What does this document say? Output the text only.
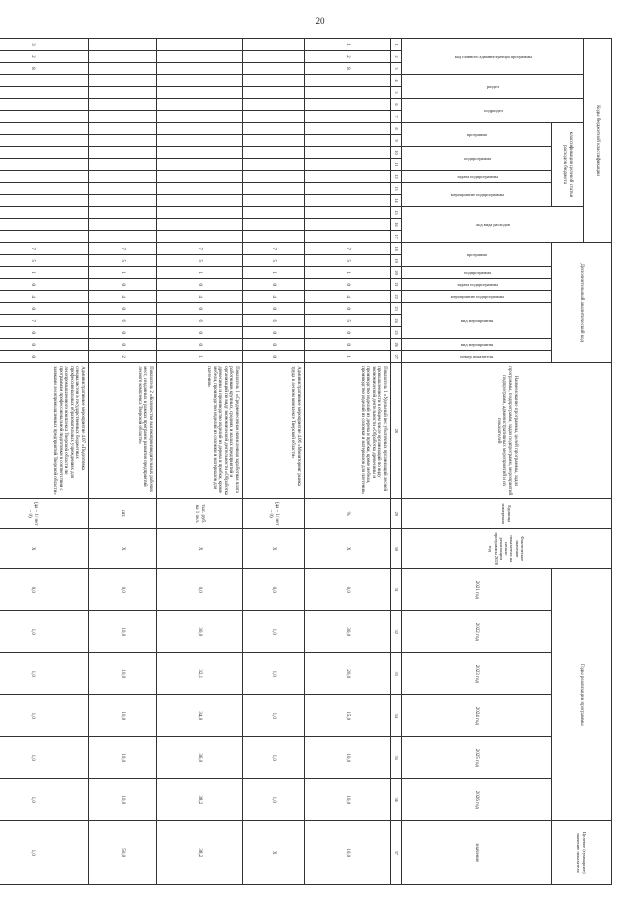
20
Коды бюджетной классификации																	Дополнительный аналитический код										Наименование программы, целей программы, задач программы, подпрограмм, задач подпрограмм, мероприятий подпрограмм, административных мероприятий и их показателей	Единица измерения	Фактическое значение показателя на начало реализации программы 2020 год	Годы реализации программы						Целевое (суммарное) значение показателя
код главного администратора программы			раздел		подраздел		классификация целевой статьи расходов бюджета							код вида расходов																						
							программа		подпрограмма		задача подпрограммы	мероприятие подпрограммы					программа		подпрограмма	задача подпрограммы	мероприятие подпрограммы	вид мероприятия			вид мероприятия	номер показателя				2021 год	2022 год	2023 год	2024 год	2025 год	2026 год	значение
1	2	3	4	5	6	7	8	9	10	11	12	13	14	15	16	17	18	19	20	21	22	23	24	25	26	27	28	29	30	31	32	33	34	35	36	37
1	2	8															7	5	1	0	4	0	5	0	0	1	Показатель 1 «Удельный вес убыточных организаций лесной промышленности в общем числе организаций по виду экономической деятельности «Обработка древесины и производство изделий из дерева и пробки, кроме мебели, производство изделий из соломки и материалов для плетения»	%	Х	0,0	30,0	20,0	15,0	10,0	10,0	10,0
																	7	5	1	0	4	0	6	0	0	0	Административное мероприятие 4.06 «Мониторинг рынка труда в лесном комплексе Тверской области»	(да – 1/ нет – 0)	Х	0,0	1,0	1,0	1,0	1,0	1,0	Х
																	7	5	1	0	4	0	6	0	0	1	Показатель 1 «Среднемесячная начисленная заработная плата работников крупных, средних и малых предприятий и организаций по виду экономической деятельности «Обработка древесины и производство изделий из дерева и пробки, кроме мебели, производство изделий из соломки и материалов для плетения»	тыс. руб. на 1 чел.	Х	0,0	30,0	32,1	34,0	36,0	38,2	38,2
																	7	5	1	0	4	0	6	0	0	2	Показатель 2 «Количество высокопроизводительных рабочих мест, созданных в рамках программ развития предприятий лесного комплекса Тверской области»	шт.	Х	0,0	10,0	10,0	10,0	10,0	10,0	50,0
3	2	8															7	5	1	0	4	0	7	0	0	0	Административное мероприятие 4.07 «Подготовка специалистов в государственных бюджетных профессиональных образовательных учреждениях для лесопромышленного комплекса Тверской области по программам профессиональной подготовки в соответствии с заявками лесопромышленных предприятий Тверской области»	(да – 1/ нет – 0)	Х	0,0	1,0	1,0	1,0	1,0	1,0	1,0
